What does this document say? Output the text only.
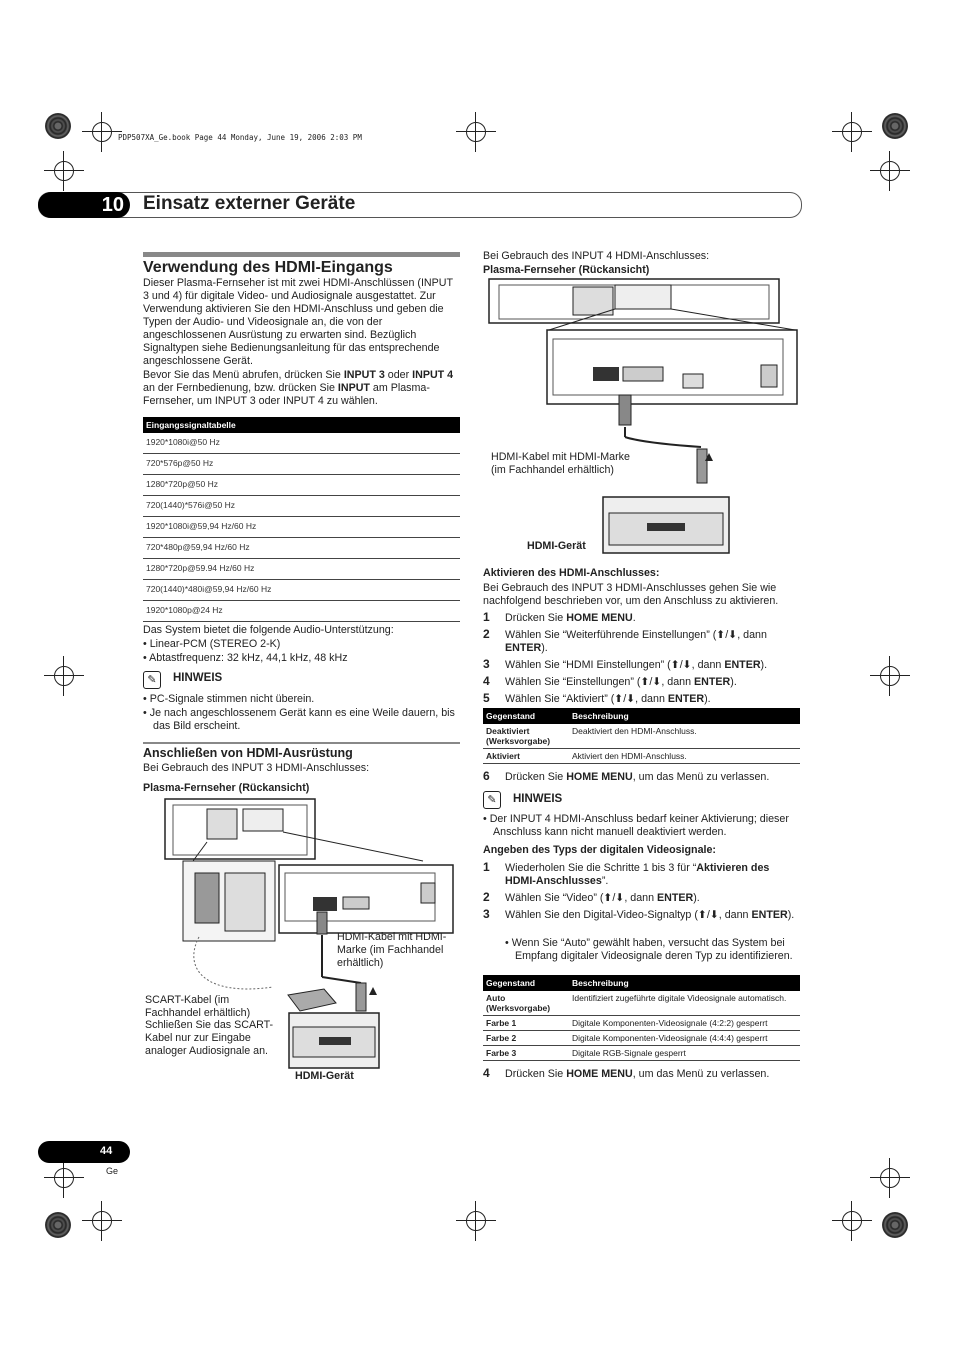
PDP507XA_Ge.book Page 44 Monday, June 19, 2006 2:03 PM
10	Einsatz externer Geräte
Verwendung des HDMI-Eingangs

Dieser Plasma-Fernseher ist mit zwei HDMI-Anschlüssen (INPUT 3 und 4) für digitale Video- und Audiosignale ausgestattet. Zur Verwendung aktivieren Sie den HDMI-Anschluss und geben die Typen der Audio- und Videosignale an, die von der angeschlossenen Ausrüstung zu erwarten sind. Bezüglich Signaltypen siehe Bedienungsanleitung für das entsprechende angeschlossene Gerät.

Bevor Sie das Menü abrufen, drücken Sie INPUT 3 oder INPUT 4 an der Fernbedienung, bzw. drücken Sie INPUT am Plasma-Fernseher, um INPUT 3 oder INPUT 4 zu wählen.

Eingangssignaltabelle
1920*1080i@50 Hz
720*576p@50 Hz
1280*720p@50 Hz
720(1440)*576i@50 Hz
1920*1080i@59,94 Hz/60 Hz
720*480p@59,94 Hz/60 Hz
1280*720p@59.94 Hz/60 Hz
720(1440)*480i@59,94 Hz/60 Hz
1920*1080p@24 Hz

Das System bietet die folgende Audio-Unterstützung:

• Linear-PCM (STEREO 2-K)

• Abtastfrequenz: 32 kHz, 44,1 kHz, 48 kHz

✎	HINWEIS

• PC-Signale stimmen nicht überein.

• Je nach angeschlossenem Gerät kann es eine Weile dauern, bis das Bild erscheint.

Anschließen von HDMI-Ausrüstung

Bei Gebrauch des INPUT 3 HDMI-Anschlusses:

Plasma-Fernseher (Rückansicht)

HDMI-Kabel mit HDMI-Marke (im Fachhandel erhältlich)

SCART-Kabel (im Fachhandel erhältlich)

Schließen Sie das SCART-Kabel nur zur Eingabe analoger Audiosignale an.

HDMI-Gerät

Bei Gebrauch des INPUT 4 HDMI-Anschlusses:

Plasma-Fernseher (Rückansicht)

HDMI-Kabel mit HDMI-Marke (im Fachhandel erhältlich)

HDMI-Gerät

Aktivieren des HDMI-Anschlusses:

Bei Gebrauch des INPUT 3 HDMI-Anschlusses gehen Sie wie nachfolgend beschrieben vor, um den Anschluss zu aktivieren.

1 Drücken Sie HOME MENU.

2 Wählen Sie “Weiterführende Einstellungen” (⬆/⬇, dann ENTER).

3 Wählen Sie “HDMI Einstellungen” (⬆/⬇, dann ENTER).

4 Wählen Sie “Einstellungen” (⬆/⬇, dann ENTER).

5 Wählen Sie “Aktiviert” (⬆/⬇, dann ENTER).

Gegenstand	Beschreibung
Deaktiviert (Werksvorgabe)	Deaktiviert den HDMI-Anschluss.
Aktiviert	Aktiviert den HDMI-Anschluss.
6 Drücken Sie HOME MENU, um das Menü zu verlassen.

✎	HINWEIS

• Der INPUT 4 HDMI-Anschluss bedarf keiner Aktivierung; dieser Anschluss kann nicht manuell deaktiviert werden.

Angeben des Typs der digitalen Videosignale:

1 Wiederholen Sie die Schritte 1 bis 3 für “Aktivieren des HDMI-Anschlusses”.

2 Wählen Sie “Video” (⬆/⬇, dann ENTER).

3 Wählen Sie den Digital-Video-Signaltyp (⬆/⬇, dann ENTER).

• Wenn Sie “Auto” gewählt haben, versucht das System bei Empfang digitaler Videosignale deren Typ zu identifizieren.

Gegenstand	Beschreibung
Auto (Werksvorgabe)	Identifiziert zugeführte digitale Videosignale automatisch.
Farbe 1	Digitale Komponenten-Videosignale (4:2:2) gesperrt
Farbe 2	Digitale Komponenten-Videosignale (4:4:4) gesperrt
Farbe 3	Digitale RGB-Signale gesperrt
4 Drücken Sie HOME MENU, um das Menü zu verlassen.

44
Ge
